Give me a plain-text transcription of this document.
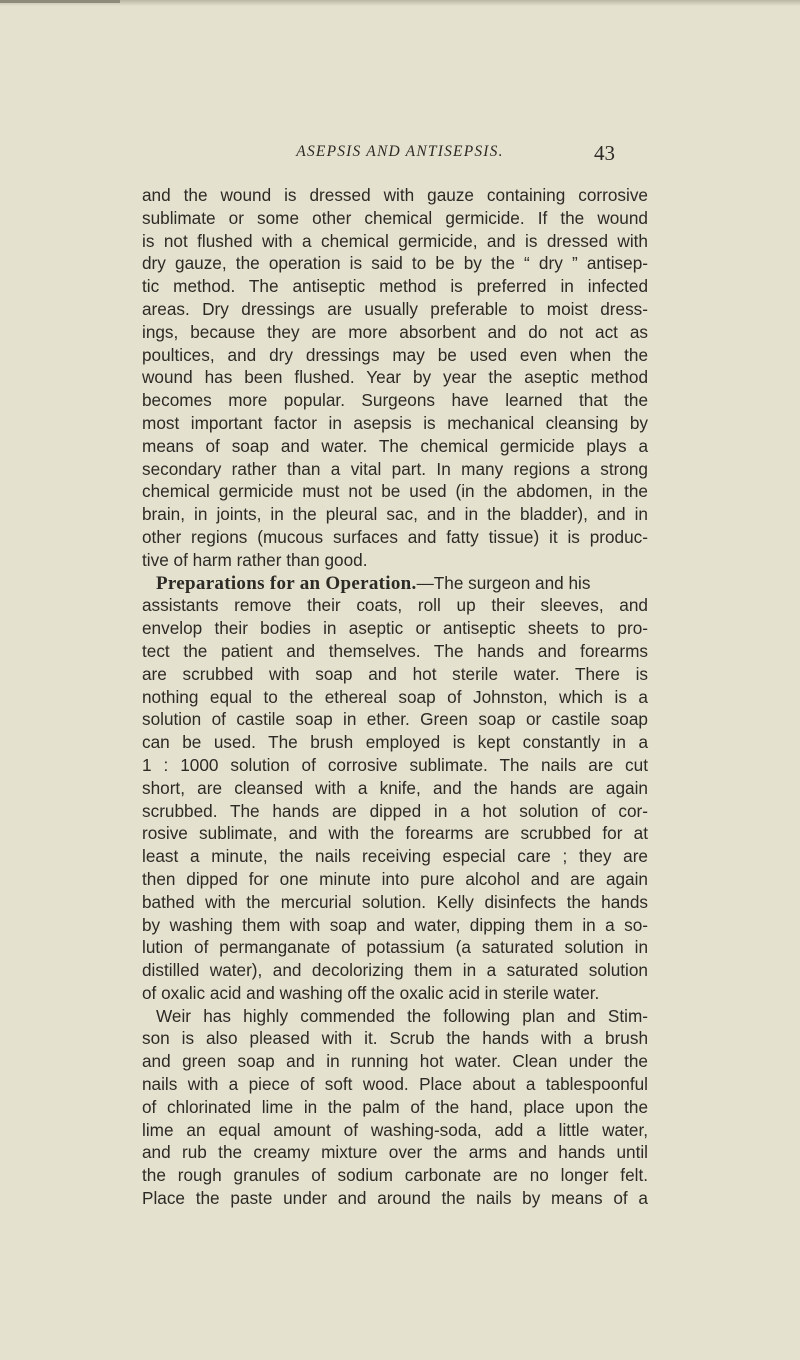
ASEPSIS AND ANTISEPSIS.	43
and the wound is dressed with gauze containing corrosive
sublimate or some other chemical germicide. If the wound
is not flushed with a chemical germicide, and is dressed with
dry gauze, the operation is said to be by the “ dry ” antisep-
tic method. The antiseptic method is preferred in infected
areas. Dry dressings are usually preferable to moist dress-
ings, because they are more absorbent and do not act as
poultices, and dry dressings may be used even when the
wound has been flushed. Year by year the aseptic method
becomes more popular. Surgeons have learned that the
most important factor in asepsis is mechanical cleansing by
means of soap and water. The chemical germicide plays a
secondary rather than a vital part. In many regions a strong
chemical germicide must not be used (in the abdomen, in the
brain, in joints, in the pleural sac, and in the bladder), and in
other regions (mucous surfaces and fatty tissue) it is produc-
tive of harm rather than good.
Preparations for an Operation.—The surgeon and his
assistants remove their coats, roll up their sleeves, and
envelop their bodies in aseptic or antiseptic sheets to pro-
tect the patient and themselves. The hands and forearms
are scrubbed with soap and hot sterile water. There is
nothing equal to the ethereal soap of Johnston, which is a
solution of castile soap in ether. Green soap or castile soap
can be used. The brush employed is kept constantly in a
1 : 1000 solution of corrosive sublimate. The nails are cut
short, are cleansed with a knife, and the hands are again
scrubbed. The hands are dipped in a hot solution of cor-
rosive sublimate, and with the forearms are scrubbed for at
least a minute, the nails receiving especial care ; they are
then dipped for one minute into pure alcohol and are again
bathed with the mercurial solution. Kelly disinfects the hands
by washing them with soap and water, dipping them in a so-
lution of permanganate of potassium (a saturated solution in
distilled water), and decolorizing them in a saturated solution
of oxalic acid and washing off the oxalic acid in sterile water.
Weir has highly commended the following plan and Stim-
son is also pleased with it. Scrub the hands with a brush
and green soap and in running hot water. Clean under the
nails with a piece of soft wood. Place about a tablespoonful
of chlorinated lime in the palm of the hand, place upon the
lime an equal amount of washing-soda, add a little water,
and rub the creamy mixture over the arms and hands until
the rough granules of sodium carbonate are no longer felt.
Place the paste under and around the nails by means of a
